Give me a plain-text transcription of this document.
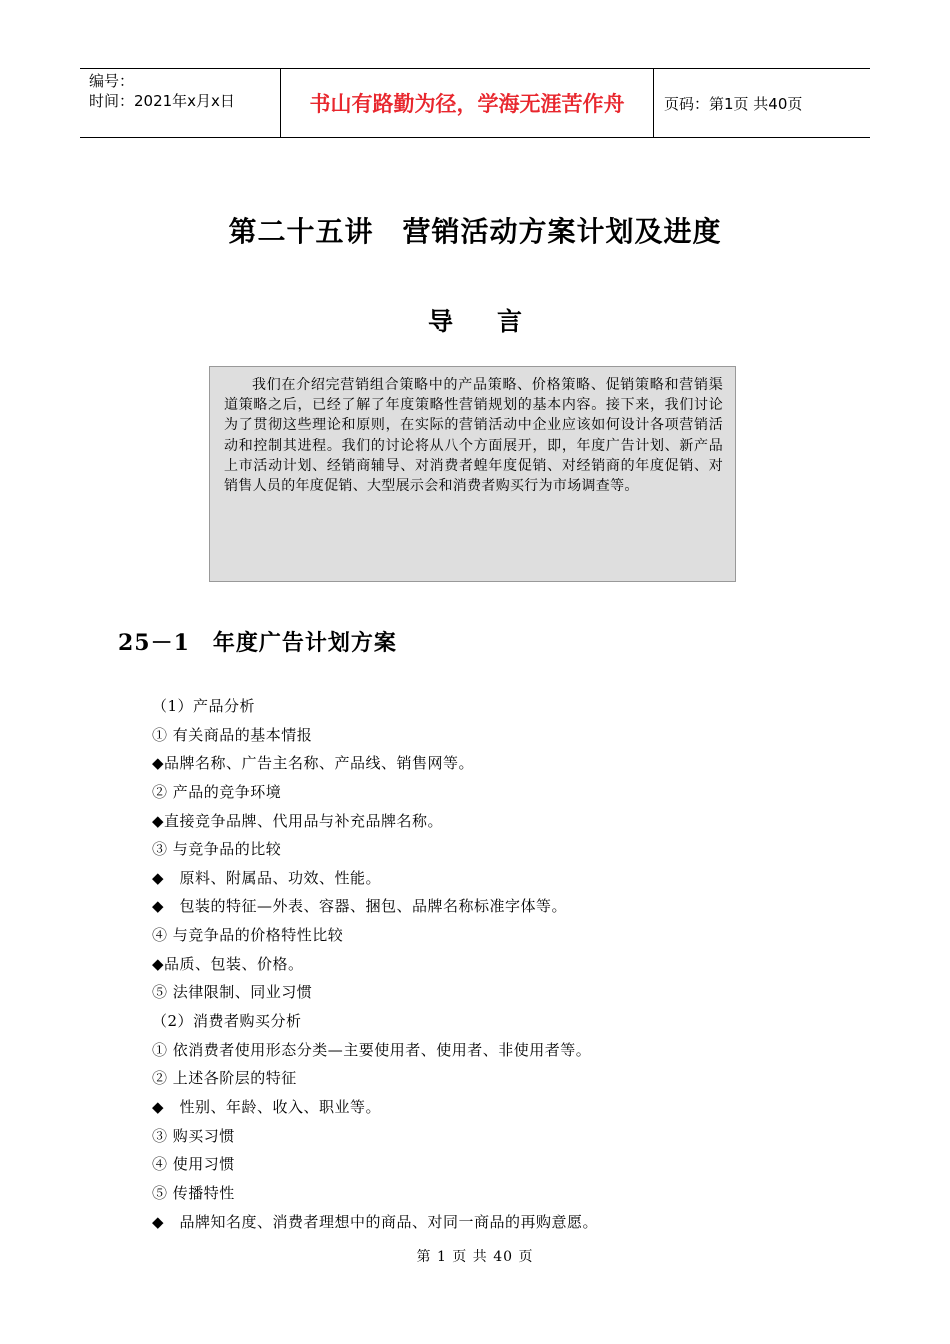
编号：
时间：2021年x月x日	书山有路勤为径，学海无涯苦作舟	页码：第1页 共40页
第二十五讲　营销活动方案计划及进度
导言
我们在介绍完营销组合策略中的产品策略、价格策略、促销策略和营销渠道策略之后，已经了解了年度策略性营销规划的基本内容。接下来，我们讨论为了贯彻这些理论和原则，在实际的营销活动中企业应该如何设计各项营销活动和控制其进程。我们的讨论将从八个方面展开，即，年度广告计划、新产品上市活动计划、经销商辅导、对消费者蝗年度促销、对经销商的年度促销、对销售人员的年度促销、大型展示会和消费者购买行为市场调查等。
25－1　年度广告计划方案
（1）产品分析
① 有关商品的基本情报
◆品牌名称、广告主名称、产品线、销售网等。
② 产品的竞争环境
◆直接竞争品牌、代用品与补充品牌名称。
③ 与竞争品的比较
◆　原料、附属品、功效、性能。
◆　包装的特征—外表、容器、捆包、品牌名称标准字体等。
④ 与竞争品的价格特性比较
◆品质、包装、价格。
⑤ 法律限制、同业习惯
（2）消费者购买分析
① 依消费者使用形态分类—主要使用者、使用者、非使用者等。
② 上述各阶层的特征
◆　性别、年龄、收入、职业等。
③ 购买习惯
④ 使用习惯
⑤ 传播特性
◆　品牌知名度、消费者理想中的商品、对同一商品的再购意愿。
第 1 页 共 40 页
